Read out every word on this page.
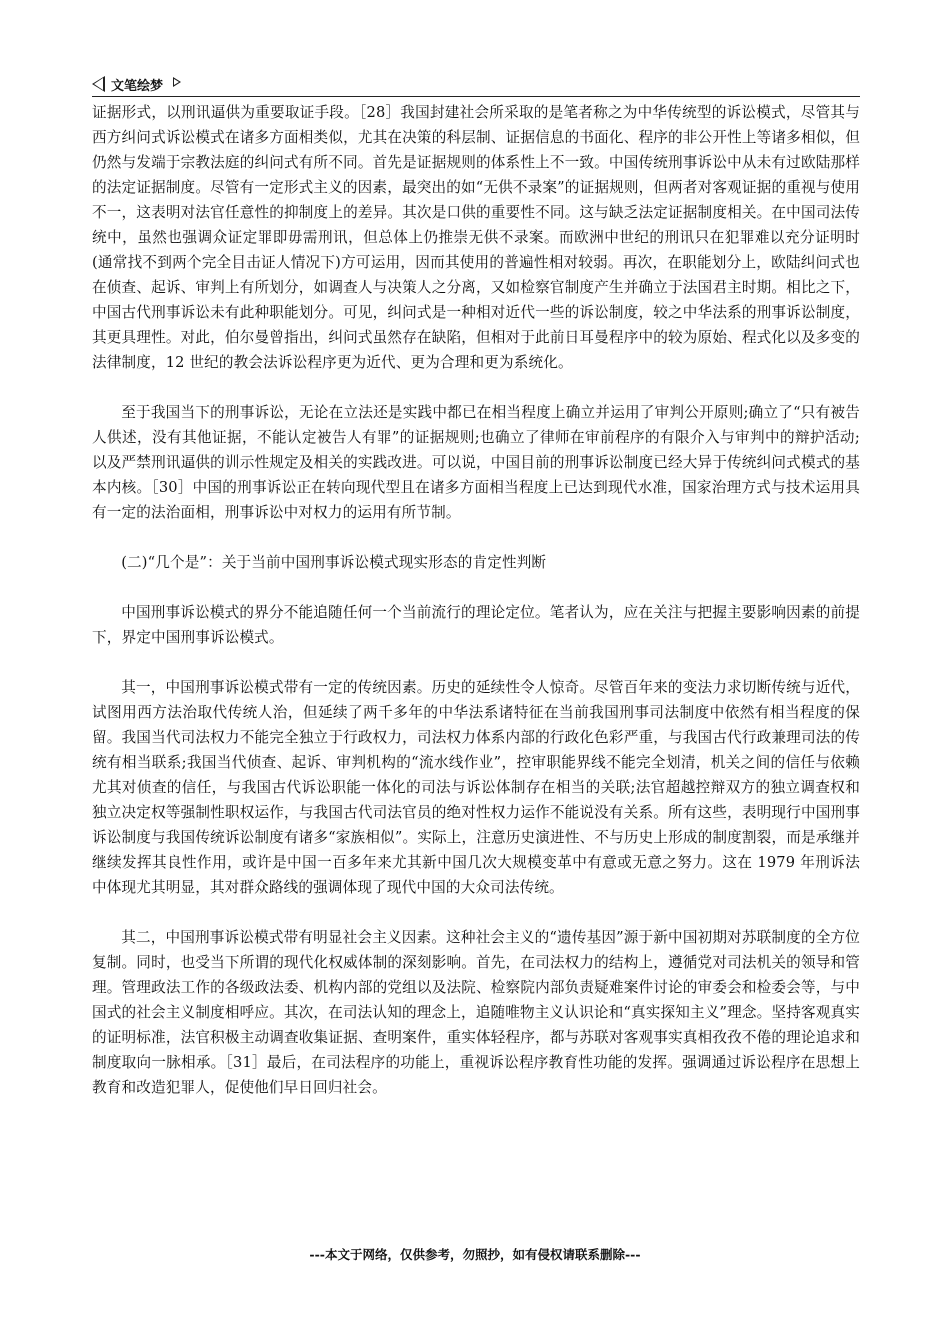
文笔绘梦

证据形式，以刑讯逼供为重要取证手段。［28］我国封建社会所采取的是笔者称之为中华传统型的诉讼模式，尽管其与西方纠问式诉讼模式在诸多方面相类似，尤其在决策的科层制、证据信息的书面化、程序的非公开性上等诸多相似，但仍然与发端于宗教法庭的纠问式有所不同。首先是证据规则的体系性上不一致。中国传统刑事诉讼中从未有过欧陆那样的法定证据制度。尽管有一定形式主义的因素，最突出的如“无供不录案”的证据规则，但两者对客观证据的重视与使用不一，这表明对法官任意性的抑制度上的差异。其次是口供的重要性不同。这与缺乏法定证据制度相关。在中国司法传统中，虽然也强调众证定罪即毋需刑讯，但总体上仍推崇无供不录案。而欧洲中世纪的刑讯只在犯罪难以充分证明时(通常找不到两个完全目击证人情况下)方可运用，因而其使用的普遍性相对较弱。再次，在职能划分上，欧陆纠问式也在侦查、起诉、审判上有所划分，如调查人与决策人之分离，又如检察官制度产生并确立于法国君主时期。相比之下，中国古代刑事诉讼未有此种职能划分。可见，纠问式是一种相对近代一些的诉讼制度，较之中华法系的刑事诉讼制度，其更具理性。对此，伯尔曼曾指出，纠问式虽然存在缺陷，但相对于此前日耳曼程序中的较为原始、程式化以及多变的法律制度，12 世纪的教会法诉讼程序更为近代、更为合理和更为系统化。

至于我国当下的刑事诉讼，无论在立法还是实践中都已在相当程度上确立并运用了审判公开原则;确立了“只有被告人供述，没有其他证据，不能认定被告人有罪”的证据规则;也确立了律师在审前程序的有限介入与审判中的辩护活动;以及严禁刑讯逼供的训示性规定及相关的实践改进。可以说，中国目前的刑事诉讼制度已经大异于传统纠问式模式的基本内核。［30］中国的刑事诉讼正在转向现代型且在诸多方面相当程度上已达到现代水准，国家治理方式与技术运用具有一定的法治面相，刑事诉讼中对权力的运用有所节制。

(二)“几个是”：关于当前中国刑事诉讼模式现实形态的肯定性判断

中国刑事诉讼模式的界分不能追随任何一个当前流行的理论定位。笔者认为，应在关注与把握主要影响因素的前提下，界定中国刑事诉讼模式。

其一，中国刑事诉讼模式带有一定的传统因素。历史的延续性令人惊奇。尽管百年来的变法力求切断传统与近代，试图用西方法治取代传统人治，但延续了两千多年的中华法系诸特征在当前我国刑事司法制度中依然有相当程度的保留。我国当代司法权力不能完全独立于行政权力，司法权力体系内部的行政化色彩严重，与我国古代行政兼理司法的传统有相当联系;我国当代侦查、起诉、审判机构的“流水线作业”，控审职能界线不能完全划清，机关之间的信任与依赖尤其对侦查的信任，与我国古代诉讼职能一体化的司法与诉讼体制存在相当的关联;法官超越控辩双方的独立调查权和独立决定权等强制性职权运作，与我国古代司法官员的绝对性权力运作不能说没有关系。所有这些，表明现行中国刑事诉讼制度与我国传统诉讼制度有诸多“家族相似”。实际上，注意历史演进性、不与历史上形成的制度割裂，而是承继并继续发挥其良性作用，或许是中国一百多年来尤其新中国几次大规模变革中有意或无意之努力。这在 1979 年刑诉法中体现尤其明显，其对群众路线的强调体现了现代中国的大众司法传统。

其二，中国刑事诉讼模式带有明显社会主义因素。这种社会主义的“遗传基因”源于新中国初期对苏联制度的全方位复制。同时，也受当下所谓的现代化权威体制的深刻影响。首先，在司法权力的结构上，遵循党对司法机关的领导和管理。管理政法工作的各级政法委、机构内部的党组以及法院、检察院内部负责疑难案件讨论的审委会和检委会等，与中国式的社会主义制度相呼应。其次，在司法认知的理念上，追随唯物主义认识论和“真实探知主义”理念。坚持客观真实的证明标准，法官积极主动调查收集证据、查明案件，重实体轻程序，都与苏联对客观事实真相孜孜不倦的理论追求和制度取向一脉相承。［31］最后，在司法程序的功能上，重视诉讼程序教育性功能的发挥。强调通过诉讼程序在思想上教育和改造犯罪人，促使他们早日回归社会。

---本文于网络，仅供参考，勿照抄，如有侵权请联系删除---
